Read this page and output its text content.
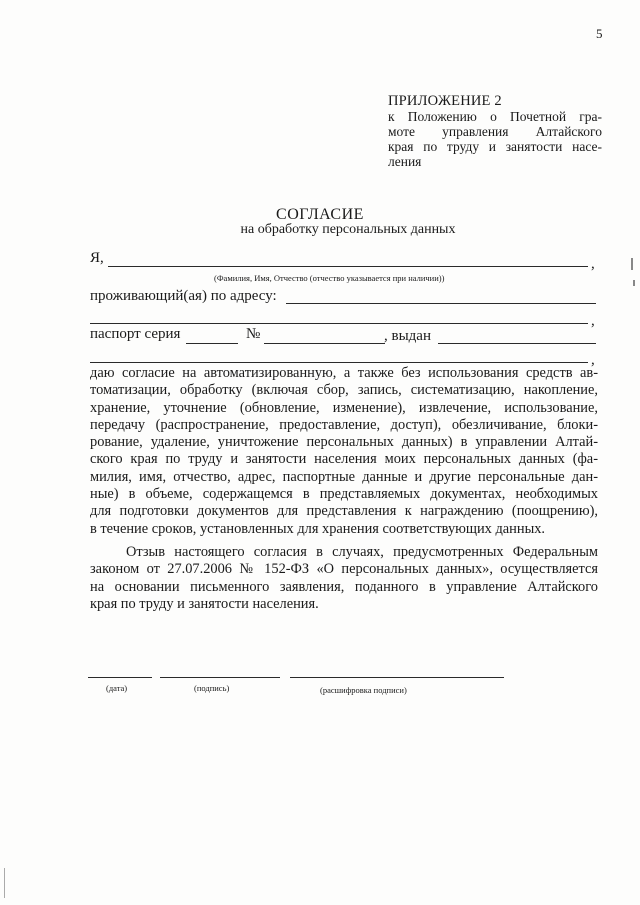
5
ПРИЛОЖЕНИЕ 2
к Положению о Почетной гра-
моте управления Алтайского
края по труду и занятости насе-
ления
СОГЛАСИЕ
на обработку персональных данных
Я,	,
(Фамилия, Имя, Отчество (отчество указывается при наличии))
проживающий(ая) по адресу:
,
паспорт серия	№	, выдан
,
даю согласие на автоматизированную, а также без использования средств ав-
томатизации, обработку (включая сбор, запись, систематизацию, накопление,
хранение, уточнение (обновление, изменение), извлечение, использование,
передачу (распространение, предоставление, доступ), обезличивание, блоки-
рование, удаление, уничтожение персональных данных) в управлении Алтай-
ского края по труду и занятости населения моих персональных данных (фа-
милия, имя, отчество, адрес, паспортные данные и другие персональные дан-
ные) в объеме, содержащемся в представляемых документах, необходимых
для подготовки документов для представления к награждению (поощрению),
в течение сроков, установленных для хранения соответствующих данных.
Отзыв настоящего согласия в случаях, предусмотренных Федеральным
законом от 27.07.2006 № 152-ФЗ «О персональных данных», осуществляется
на основании письменного заявления, поданного в управление Алтайского
края по труду и занятости населения.
(дата)	(подпись)	(расшифровка подписи)
